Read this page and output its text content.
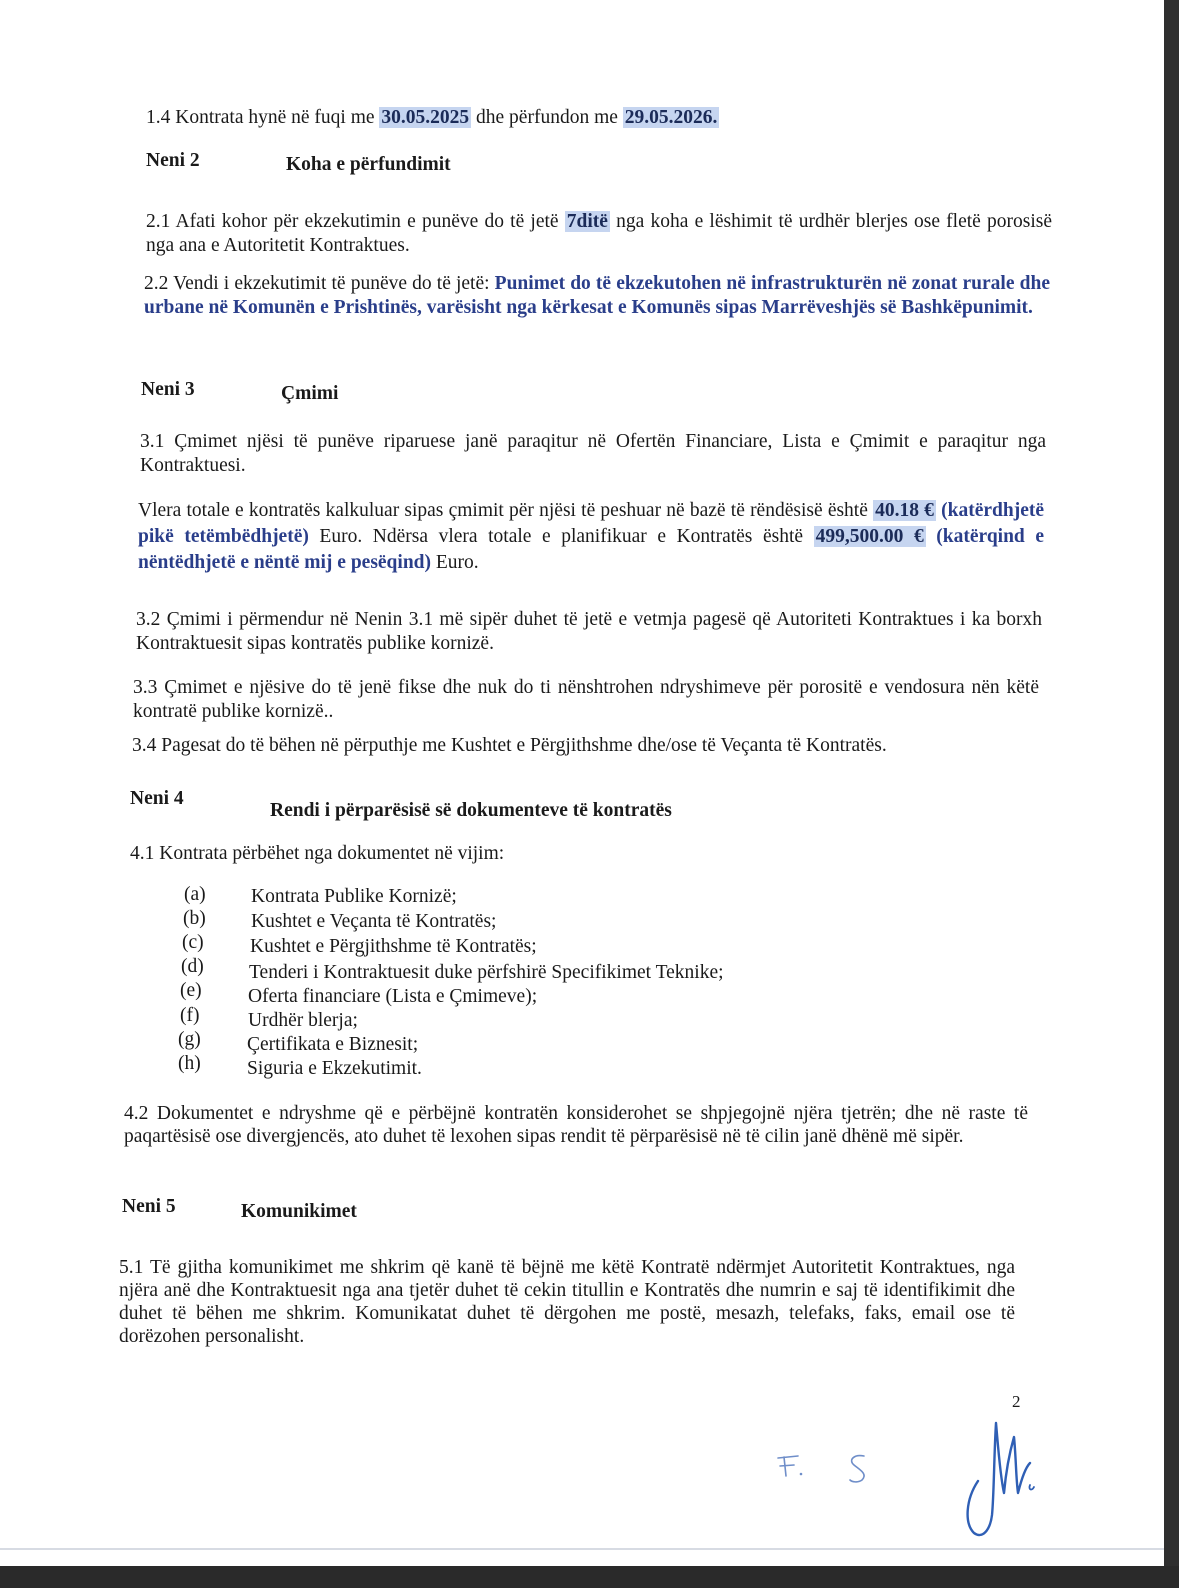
1.4 Kontrata hynë në fuqi me 30.05.2025 dhe përfundon me 29.05.2026.
Neni 2	Koha e përfundimit
2.1 Afati kohor për ekzekutimin e punëve do të jetë 7ditë nga koha e lëshimit të urdhër blerjes ose fletë porosisë nga ana e Autoritetit Kontraktues.
2.2 Vendi i ekzekutimit të punëve do të jetë: Punimet do të ekzekutohen në infrastrukturën në zonat rurale dhe urbane në Komunën e Prishtinës, varësisht nga kërkesat e Komunës sipas Marrëveshjës së Bashkëpunimit.
Neni 3	Çmimi
3.1 Çmimet njësi të punëve riparuese janë paraqitur në Ofertën Financiare, Lista e Çmimit e paraqitur nga Kontraktuesi.
Vlera totale e kontratës kalkuluar sipas çmimit për njësi të peshuar në bazë të rëndësisë është 40.18 € (katërdhjetë pikë tetëmbëdhjetë) Euro. Ndërsa vlera totale e planifikuar e Kontratës është 499,500.00 € (katërqind e nëntëdhjetë e nëntë mij e pesëqind) Euro.
3.2 Çmimi i përmendur në Nenin 3.1 më sipër duhet të jetë e vetmja pagesë që Autoriteti Kontraktues i ka borxh Kontraktuesit sipas kontratës publike kornizë.
3.3 Çmimet e njësive do të jenë fikse dhe nuk do ti nënshtrohen ndryshimeve për porositë e vendosura nën këtë kontratë publike kornizë..
3.4 Pagesat do të bëhen në përputhje me Kushtet e Përgjithshme dhe/ose të Veçanta të Kontratës.
Neni 4
Rendi i përparësisë së dokumenteve të kontratës
4.1 Kontrata përbëhet nga dokumentet në vijim:
(a) Kontrata Publike Kornizë;
(b) Kushtet e Veçanta të Kontratës;
(c) Kushtet e Përgjithshme të Kontratës;
(d) Tenderi i Kontraktuesit duke përfshirë Specifikimet Teknike;
(e) Oferta financiare (Lista e Çmimeve);
(f) Urdhër blerja;
(g) Çertifikata e Biznesit;
(h) Siguria e Ekzekutimit.
4.2 Dokumentet e ndryshme që e përbëjnë kontratën konsiderohet se shpjegojnë njëra tjetrën; dhe në raste të paqartësisë ose divergjencës, ato duhet të lexohen sipas rendit të përparësisë në të cilin janë dhënë më sipër.
Neni 5	Komunikimet
5.1 Të gjitha komunikimet me shkrim që kanë të bëjnë me këtë Kontratë ndërmjet Autoritetit Kontraktues, nga njëra anë dhe Kontraktuesit nga ana tjetër duhet të cekin titullin e Kontratës dhe numrin e saj të identifikimit dhe duhet të bëhen me shkrim. Komunikatat duhet të dërgohen me postë, mesazh, telefaks, faks, email ose të dorëzohen personalisht.
2
